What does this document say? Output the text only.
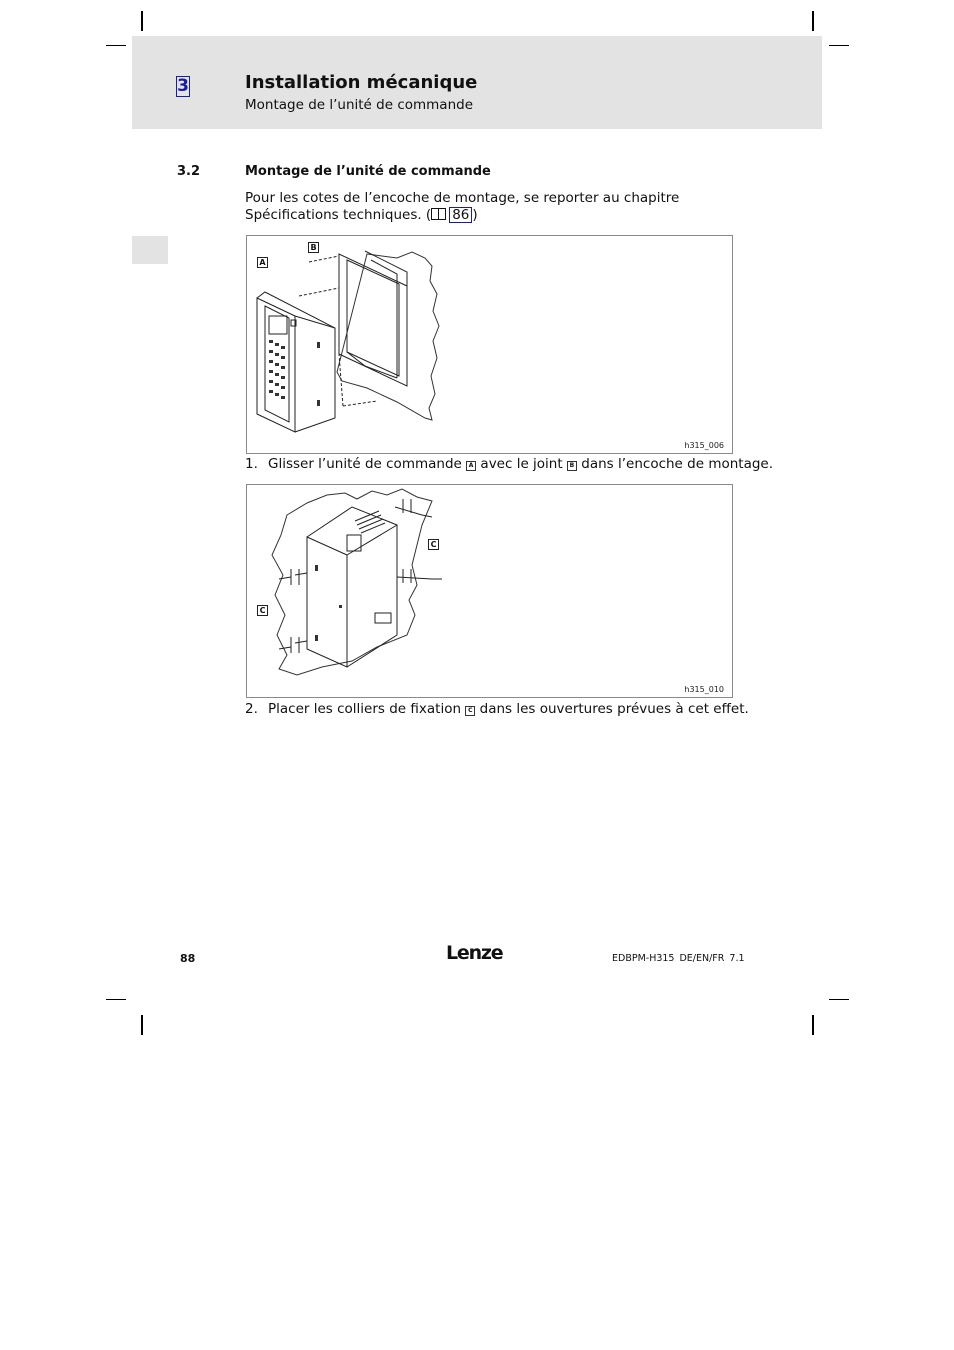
3	Installation mécanique
Montage de l’unité de commande
3.2	Montage de l’unité de commande
Pour les cotes de l’encoche de montage, se reporter au chapitre Spécifications techniques. ( 86 )
A
B
h315_006
1. Glisser l’unité de commande A avec le joint B dans l’encoche de montage.
C
C
h315_010
2. Placer les colliers de fixation C dans les ouvertures prévues à cet effet.
88	Lenze	EDBPM-H315 DE/EN/FR 7.1
